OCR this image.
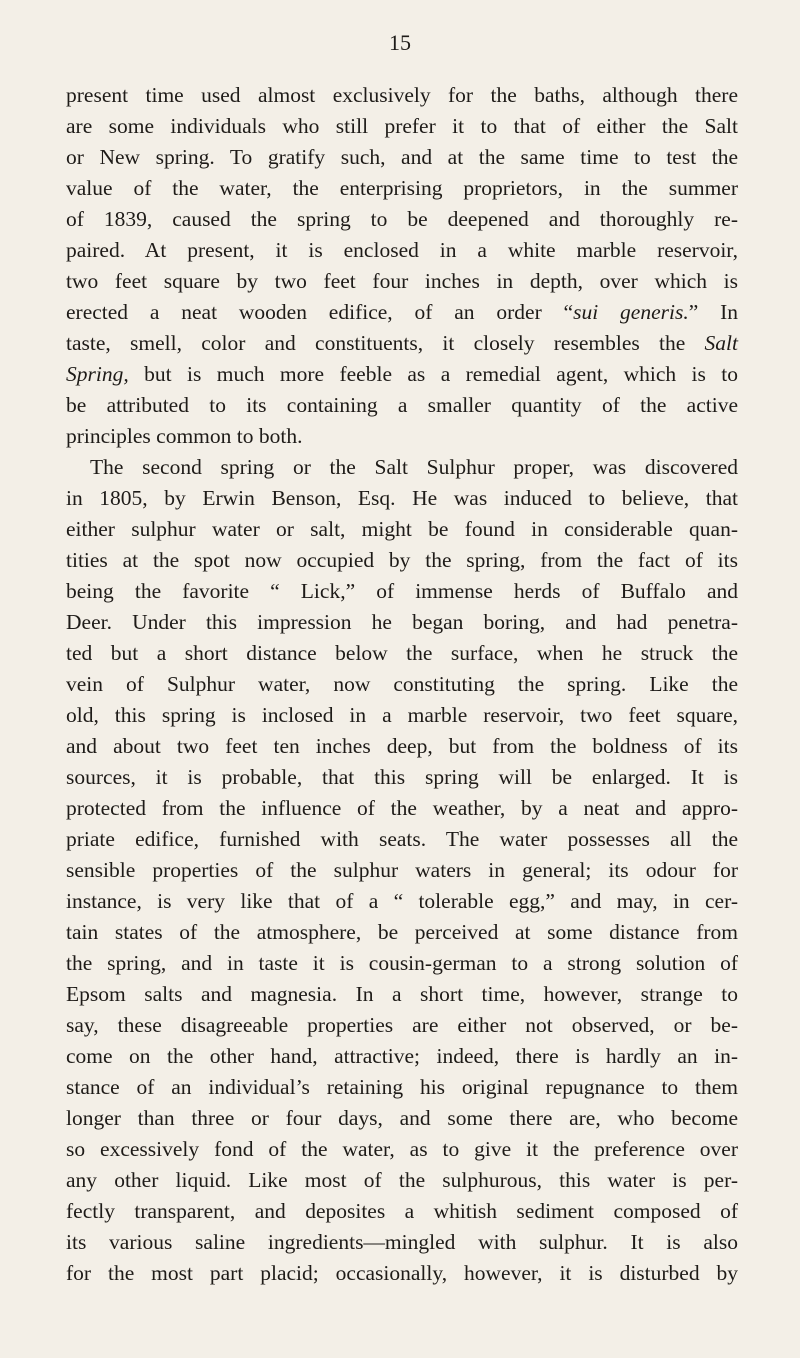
15
present time used almost exclusively for the baths, although there
are some individuals who still prefer it to that of either the Salt
or New spring. To gratify such, and at the same time to test the
value of the water, the enterprising proprietors, in the summer
of 1839, caused the spring to be deepened and thoroughly re-
paired. At present, it is enclosed in a white marble reservoir,
two feet square by two feet four inches in depth, over which is
erected a neat wooden edifice, of an order “sui generis.” In
taste, smell, color and constituents, it closely resembles the Salt
Spring, but is much more feeble as a remedial agent, which is to
be attributed to its containing a smaller quantity of the active
principles common to both.
The second spring or the Salt Sulphur proper, was discovered
in 1805, by Erwin Benson, Esq. He was induced to believe, that
either sulphur water or salt, might be found in considerable quan-
tities at the spot now occupied by the spring, from the fact of its
being the favorite “ Lick,” of immense herds of Buffalo and
Deer. Under this impression he began boring, and had penetra-
ted but a short distance below the surface, when he struck the
vein of Sulphur water, now constituting the spring. Like the
old, this spring is inclosed in a marble reservoir, two feet square,
and about two feet ten inches deep, but from the boldness of its
sources, it is probable, that this spring will be enlarged. It is
protected from the influence of the weather, by a neat and appro-
priate edifice, furnished with seats. The water possesses all the
sensible properties of the sulphur waters in general; its odour for
instance, is very like that of a “ tolerable egg,” and may, in cer-
tain states of the atmosphere, be perceived at some distance from
the spring, and in taste it is cousin-german to a strong solution of
Epsom salts and magnesia. In a short time, however, strange to
say, these disagreeable properties are either not observed, or be-
come on the other hand, attractive; indeed, there is hardly an in-
stance of an individual’s retaining his original repugnance to them
longer than three or four days, and some there are, who become
so excessively fond of the water, as to give it the preference over
any other liquid. Like most of the sulphurous, this water is per-
fectly transparent, and deposites a whitish sediment composed of
its various saline ingredients—mingled with sulphur. It is also
for the most part placid; occasionally, however, it is disturbed by
